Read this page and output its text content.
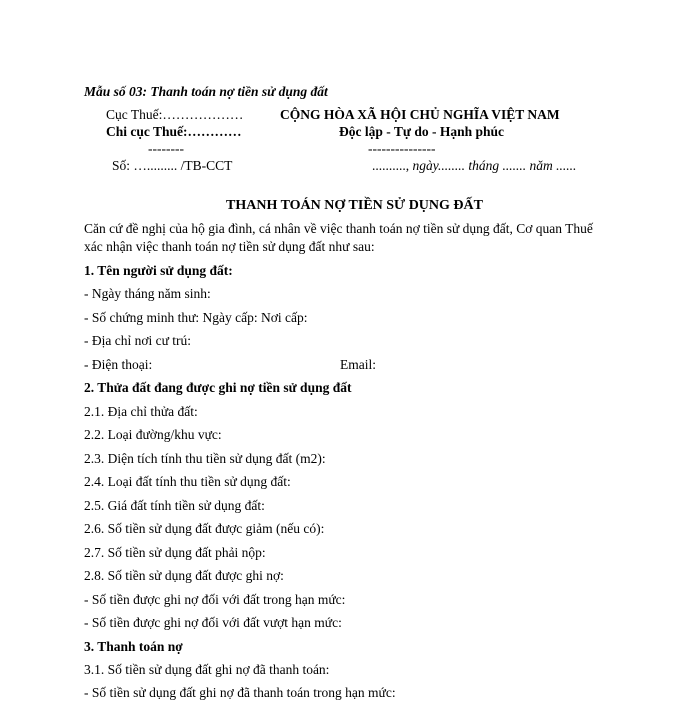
Mẫu số 03: Thanh toán nợ tiền sử dụng đất
Cục Thuế:………………
Chi cục Thuế:…………
--------
Số: …......... /TB-CCT
CỘNG HÒA XÃ HỘI CHỦ NGHĨA VIỆT NAM
Độc lập - Tự do - Hạnh phúc
---------------
.........., ngày........ tháng ....... năm ......
THANH TOÁN NỢ TIỀN SỬ DỤNG ĐẤT
Căn cứ đề nghị của hộ gia đình, cá nhân về việc thanh toán nợ tiền sử dụng đất, Cơ quan Thuế
xác nhận việc thanh toán nợ tiền sử dụng đất như sau:
1. Tên người sử dụng đất:
- Ngày tháng năm sinh:
- Số chứng minh thư: Ngày cấp: Nơi cấp:
- Địa chỉ nơi cư trú:
- Điện thoại:	Email:
2. Thửa đất đang được ghi nợ tiền sử dụng đất
2.1. Địa chỉ thửa đất:
2.2. Loại đường/khu vực:
2.3. Diện tích tính thu tiền sử dụng đất (m2):
2.4. Loại đất tính thu tiền sử dụng đất:
2.5. Giá đất tính tiền sử dụng đất:
2.6. Số tiền sử dụng đất được giảm (nếu có):
2.7. Số tiền sử dụng đất phải nộp:
2.8. Số tiền sử dụng đất được ghi nợ:
- Số tiền được ghi nợ đối với đất trong hạn mức:
- Số tiền được ghi nợ đối với đất vượt hạn mức:
3. Thanh toán nợ
3.1. Số tiền sử dụng đất ghi nợ đã thanh toán:
- Số tiền sử dụng đất ghi nợ đã thanh toán trong hạn mức:
